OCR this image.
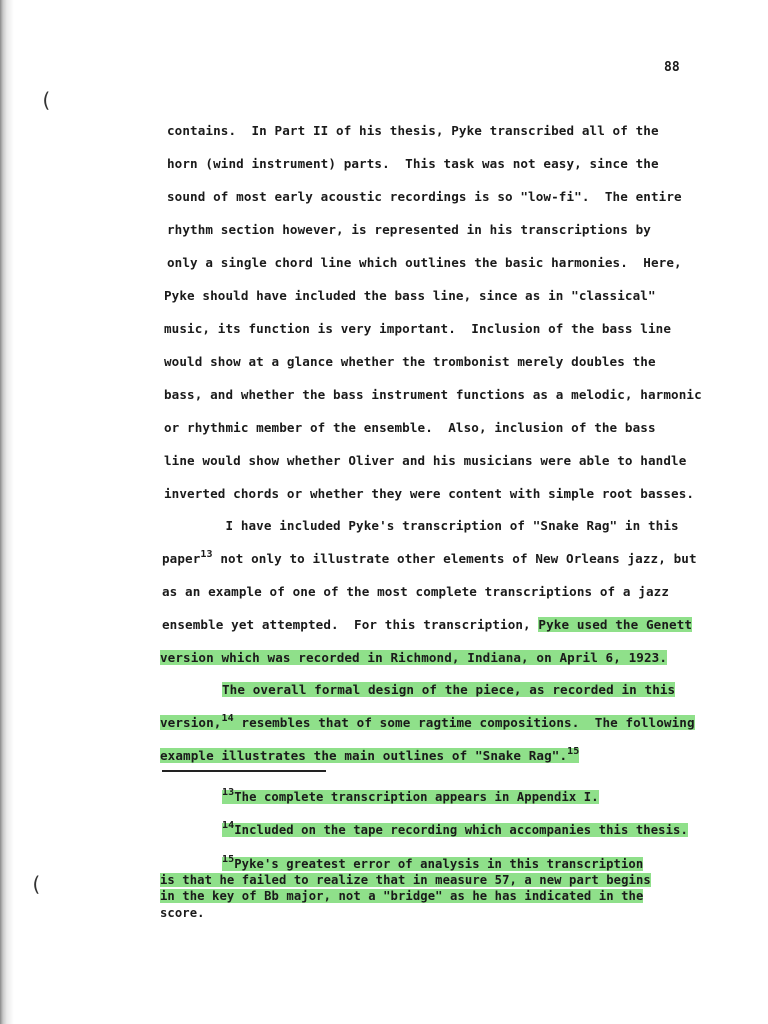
(
(
88
contains.  In Part II of his thesis, Pyke transcribed all of the
horn (wind instrument) parts.  This task was not easy, since the
sound of most early acoustic recordings is so "low-fi".  The entire
rhythm section however, is represented in his transcriptions by
only a single chord line which outlines the basic harmonies.  Here,
Pyke should have included the bass line, since as in "classical"
music, its function is very important.  Inclusion of the bass line
would show at a glance whether the trombonist merely doubles the
bass, and whether the bass instrument functions as a melodic, harmonic
or rhythmic member of the ensemble.  Also, inclusion of the bass
line would show whether Oliver and his musicians were able to handle
inverted chords or whether they were content with simple root basses.
I have included Pyke's transcription of "Snake Rag" in this
paper$^{13}$ not only to illustrate other elements of New Orleans jazz, but
as an example of one of the most complete transcriptions of a jazz
ensemble yet attempted.  For this transcription, Pyke used the Genett
version which was recorded in Richmond, Indiana, on April 6, 1923.
The overall formal design of the piece, as recorded in this
version,$^{14}$ resembles that of some ragtime compositions.  The following
example illustrates the main outlines of "Snake Rag".$^{15}$
$^{13}$The complete transcription appears in Appendix I.
$^{14}$Included on the tape recording which accompanies this thesis.
$^{15}$Pyke's greatest error of analysis in this transcription
is that he failed to realize that in measure 57, a new part begins
in the key of Bb major, not a "bridge" as he has indicated in the
score.
